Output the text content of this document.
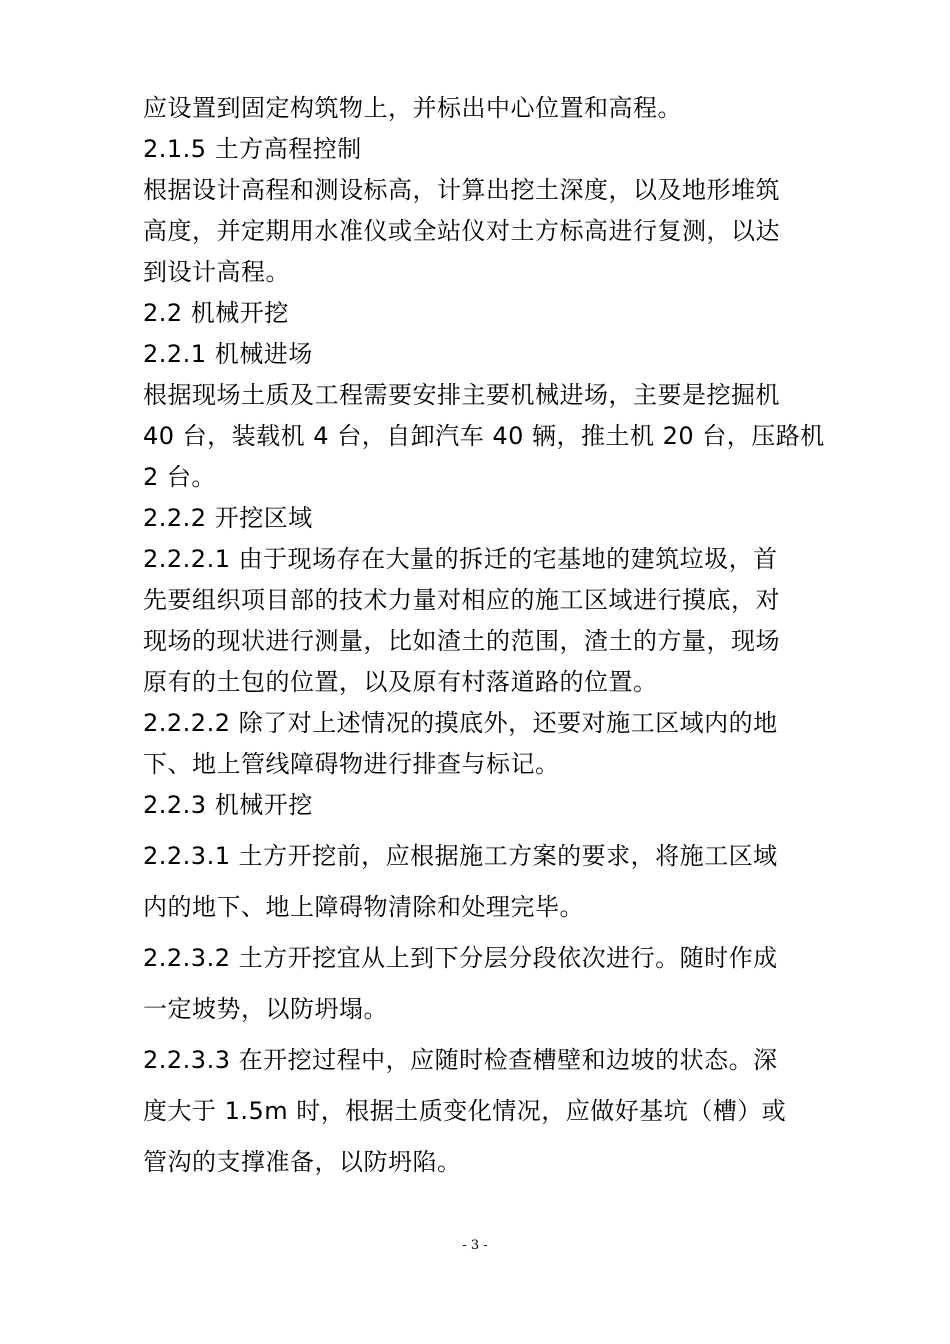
应设置到固定构筑物上，并标出中心位置和高程。
2.1.5 土方高程控制
根据设计高程和测设标高，计算出挖土深度，以及地形堆筑
高度，并定期用水准仪或全站仪对土方标高进行复测，以达
到设计高程。
2.2 机械开挖
2.2.1 机械进场
根据现场土质及工程需要安排主要机械进场，主要是挖掘机
40 台，装载机 4 台，自卸汽车 40 辆，推土机 20 台，压路机
2 台。
2.2.2 开挖区域
2.2.2.1 由于现场存在大量的拆迁的宅基地的建筑垃圾，首
先要组织项目部的技术力量对相应的施工区域进行摸底，对
现场的现状进行测量，比如渣土的范围，渣土的方量，现场
原有的土包的位置，以及原有村落道路的位置。
2.2.2.2 除了对上述情况的摸底外，还要对施工区域内的地
下、地上管线障碍物进行排查与标记。
2.2.3 机械开挖
2.2.3.1 土方开挖前，应根据施工方案的要求，将施工区域
内的地下、地上障碍物清除和处理完毕。
2.2.3.2 土方开挖宜从上到下分层分段依次进行。随时作成
一定坡势，以防坍塌。
2.2.3.3 在开挖过程中，应随时检查槽壁和边坡的状态。深
度大于 1.5m 时，根据土质变化情况，应做好基坑（槽）或
管沟的支撑准备，以防坍陷。
- 3 -
